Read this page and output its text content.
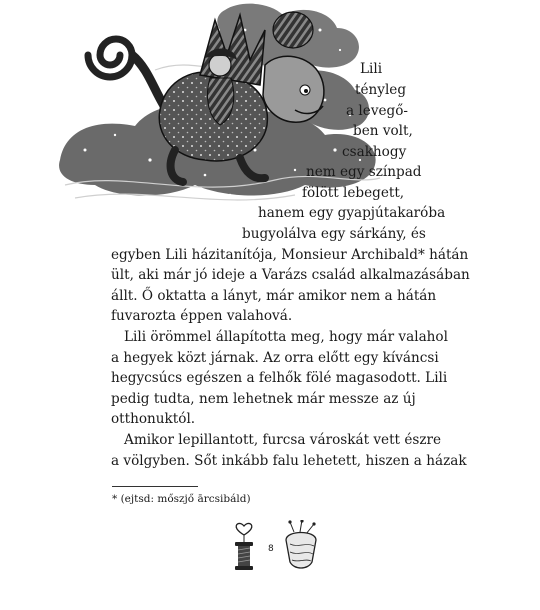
Lili
tényleg
a levegő-
ben volt,
csakhogy
nem egy színpad
fölött lebegett,
hanem egy gyapjútakaróba
bugyolálva egy sárkány, és
egyben Lili házitanítója, Monsieur Archibald* hátán
ült, aki már jó ideje a Varázs család alkalmazásában
állt. Ő oktatta a lányt, már amikor nem a hátán
fuvarozta éppen valahová.
Lili örömmel állapította meg, hogy már valahol
a hegyek közt járnak. Az orra előtt egy kíváncsi
hegycsúcs egészen a felhők fölé magasodott. Lili
pedig tudta, nem lehetnek már messze az új
otthonuktól.
Amikor lepillantott, furcsa városkát vett észre
a völgyben. Sőt inkább falu lehetett, hiszen a házak
* (ejtsd: mőszjő ārcsibáld)
8
